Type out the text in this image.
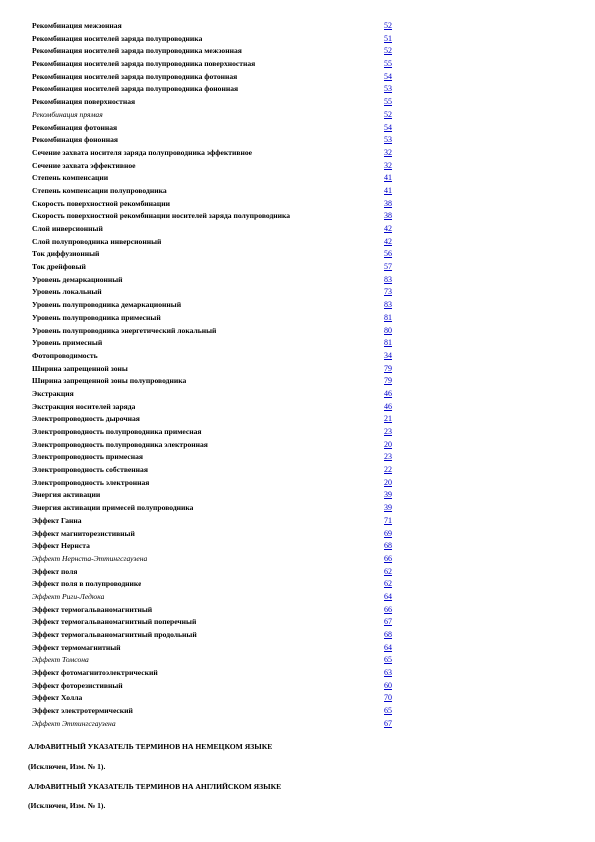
Рекомбинация межзонная	52
Рекомбинация носителей заряда полупроводника	51
Рекомбинация носителей заряда полупроводника межзонная	52
Рекомбинация носителей заряда полупроводника поверхностная	55
Рекомбинация носителей заряда полупроводника фотонная	54
Рекомбинация носителей заряда полупроводника фононная	53
Рекомбинация поверхностная	55
Рекомбинация прямая	52
Рекомбинация фотонная	54
Рекомбинация фононная	53
Сечение захвата носителя заряда полупроводника эффективное	32
Сечение захвата эффективное	32
Степень компенсации	41
Степень компенсации полупроводника	41
Скорость поверхностной рекомбинации	38
Скорость поверхностной рекомбинации носителей заряда полупроводника	38
Слой инверсионный	42
Слой полупроводника инверсионный	42
Ток диффузионный	56
Ток дрейфовый	57
Уровень демаркационный	83
Уровень локальный	73
Уровень полупроводника демаркационный	83
Уровень полупроводника примесный	81
Уровень полупроводника энергетический локальный	80
Уровень примесный	81
Фотопроводимость	34
Ширина запрещенной зоны	79
Ширина запрещенной зоны полупроводника	79
Экстракция	46
Экстракция носителей заряда	46
Электропроводность дырочная	21
Электропроводность полупроводника примесная	23
Электропроводность полупроводника электронная	20
Электропроводность примесная	23
Электропроводность собственная	22
Электропроводность электронная	20
Энергия активации	39
Энергия активации примесей полупроводника	39
Эффект Ганна	71
Эффект магниторезистивный	69
Эффект Нернста	68
Эффект Нернста-Эттингсгаузена	66
Эффект поля	62
Эффект поля в полупроводнике	62
Эффект Риги-Ледюка	64
Эффект термогальваномагнитный	66
Эффект термогальваномагнитный поперечный	67
Эффект термогальваномагнитный продольный	68
Эффект термомагнитный	64
Эффект Томсона	65
Эффект фотомагнитоэлектрический	63
Эффект фоторезистивный	60
Эффект Холла	70
Эффект электротермический	65
Эффект Эттингсгаузена	67
АЛФАВИТНЫЙ УКАЗАТЕЛЬ ТЕРМИНОВ НА НЕМЕЦКОМ ЯЗЫКЕ
(Исключен, Изм. № 1).
АЛФАВИТНЫЙ УКАЗАТЕЛЬ ТЕРМИНОВ НА АНГЛИЙСКОМ ЯЗЫКЕ
(Исключен, Изм. № 1).
